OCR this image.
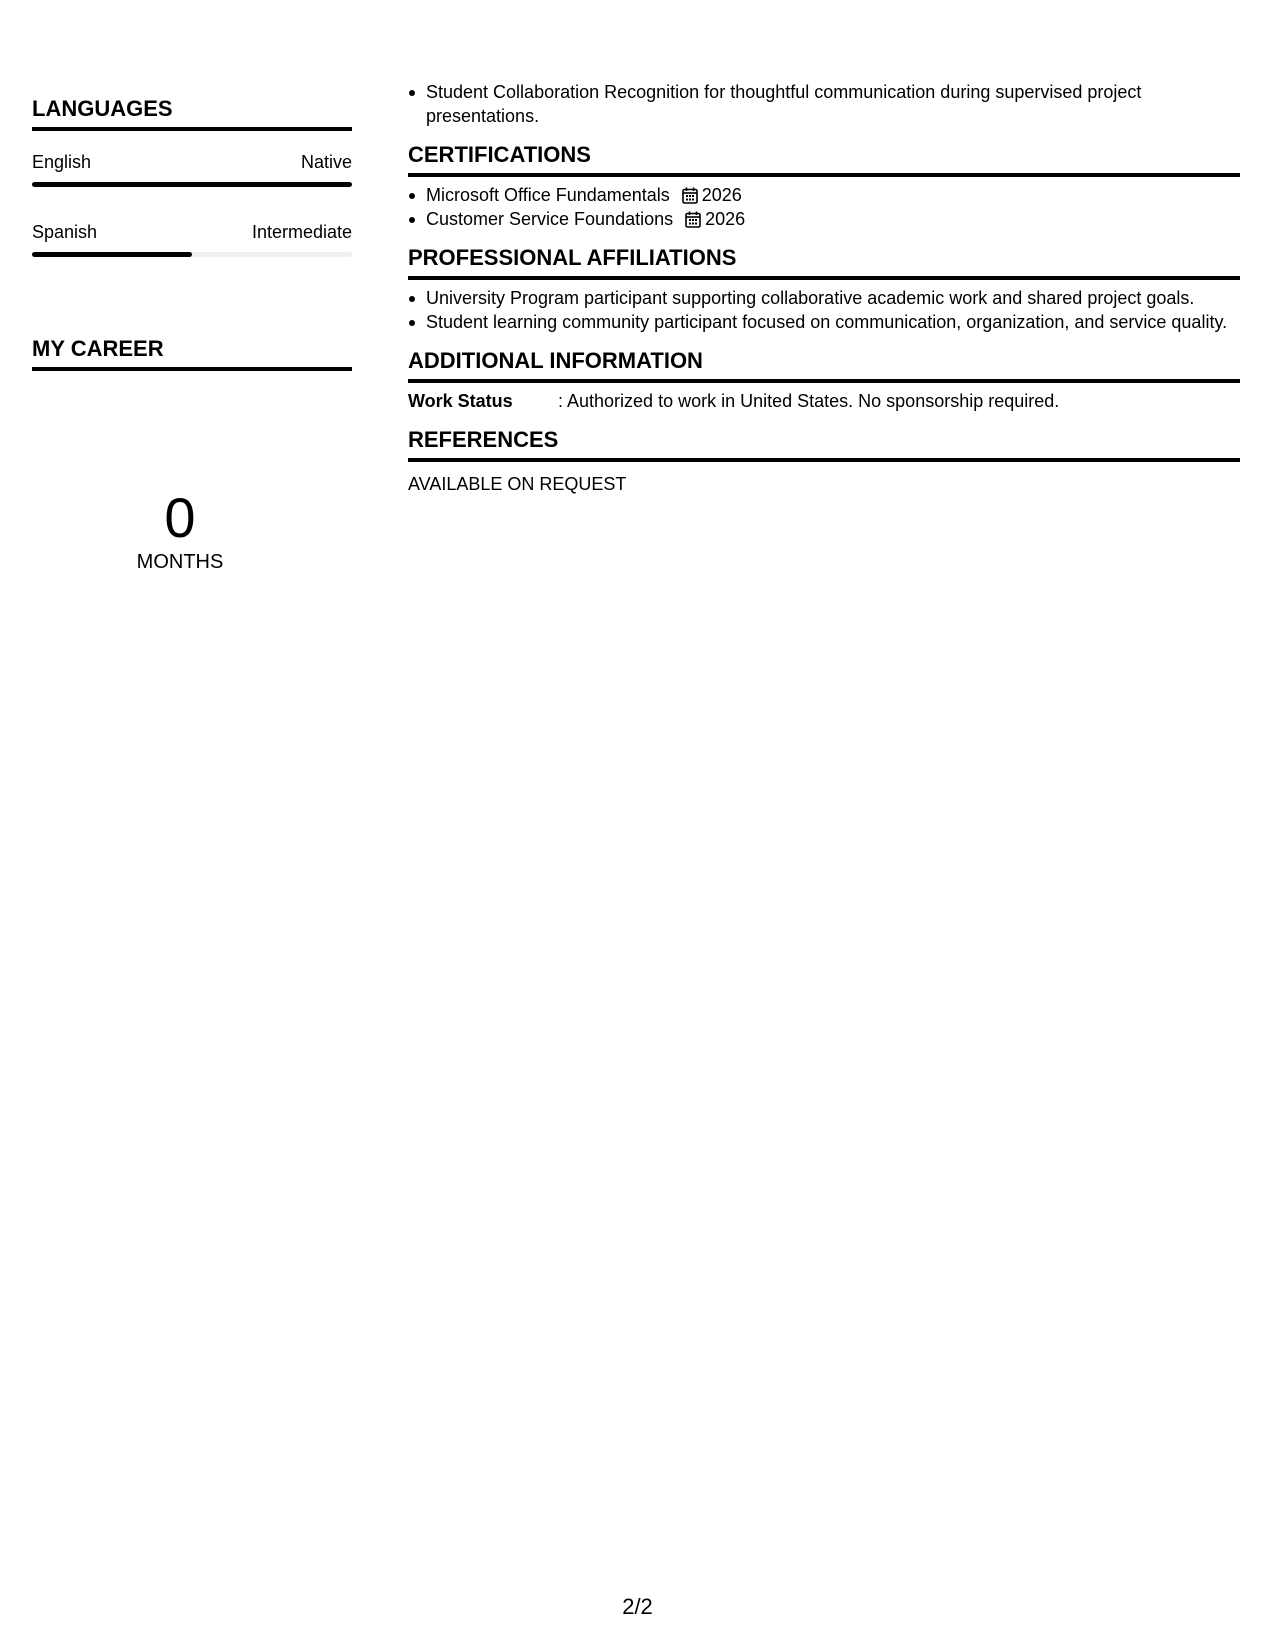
LANGUAGES
English	Native
Spanish	Intermediate
MY CAREER
0
MONTHS
Student Collaboration Recognition for thoughtful communication during supervised project presentations.
CERTIFICATIONS
Microsoft Office Fundamentals 2026
Customer Service Foundations 2026
PROFESSIONAL AFFILIATIONS
University Program participant supporting collaborative academic work and shared project goals.
Student learning community participant focused on communication, organization, and service quality.
ADDITIONAL INFORMATION
Work Status	: Authorized to work in United States. No sponsorship required.
REFERENCES
AVAILABLE ON REQUEST
2/2
